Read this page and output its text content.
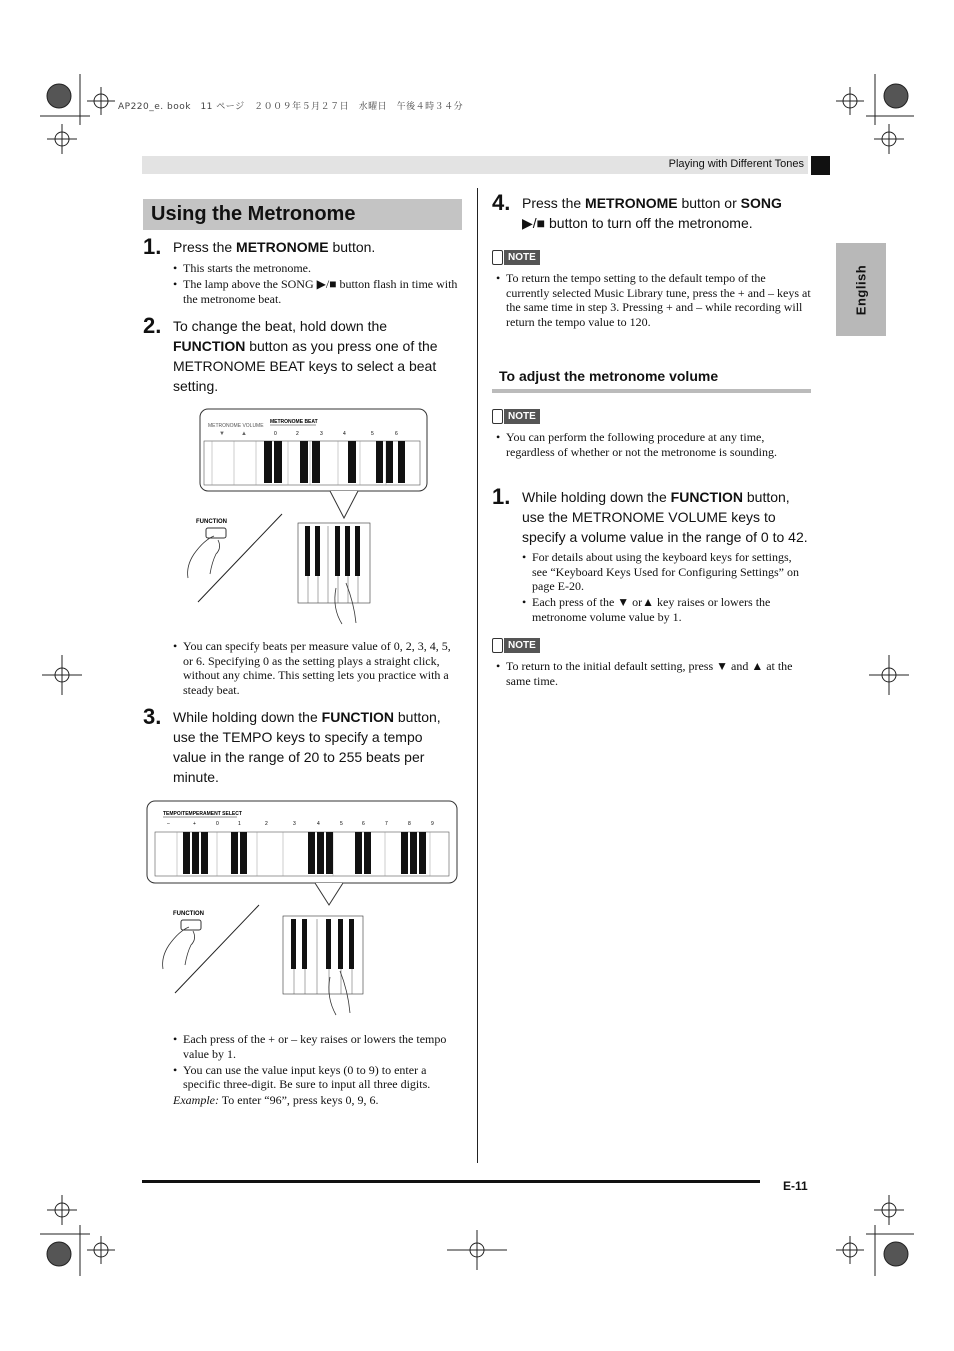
AP220_e. book　11 ページ　２００９年５月２７日　水曜日　午後４時３４分
Playing with Different Tones
English
Using the Metronome
1. Press the METRONOME button.
• This starts the metronome.
• The lamp above the SONG ▶/■ button flash in time with the metronome beat.
2. To change the beat, hold down the FUNCTION button as you press one of the METRONOME BEAT keys to select a beat setting.
METRONOME VOLUME
METRONOME BEAT
▼	▲	0	2	3	4	5	6
FUNCTION
• You can specify beats per measure value of 0, 2, 3, 4, 5, or 6. Specifying 0 as the setting plays a straight click, without any chime. This setting lets you practice with a steady beat.
3. While holding down the FUNCTION button, use the TEMPO keys to specify a tempo value in the range of 20 to 255 beats per minute.
TEMPO/TEMPERAMENT SELECT
–	+	0	1	2	3	4	5	6	7	8	9
FUNCTION
• Each press of the + or – key raises or lowers the tempo value by 1.
• You can use the value input keys (0 to 9) to enter a specific three-digit. Be sure to input all three digits.
Example: To enter “96”, press keys 0, 9, 6.
4. Press the METRONOME button or SONG
▶/■ button to turn off the metronome.
NOTE
• To return the tempo setting to the default tempo of the currently selected Music Library tune, press the + and – keys at the same time in step 3. Pressing + and – while recording will return the tempo value to 120.
To adjust the metronome volume
NOTE
• You can perform the following procedure at any time, regardless of whether or not the metronome is sounding.
1. While holding down the FUNCTION button, use the METRONOME VOLUME keys to specify a volume value in the range of 0 to 42.
• For details about using the keyboard keys for settings, see “Keyboard Keys Used for Configuring Settings” on page E-20.
• Each press of the ▼ or▲ key raises or lowers the metronome volume value by 1.
NOTE
• To return to the initial default setting, press ▼ and ▲ at the same time.
E-11
